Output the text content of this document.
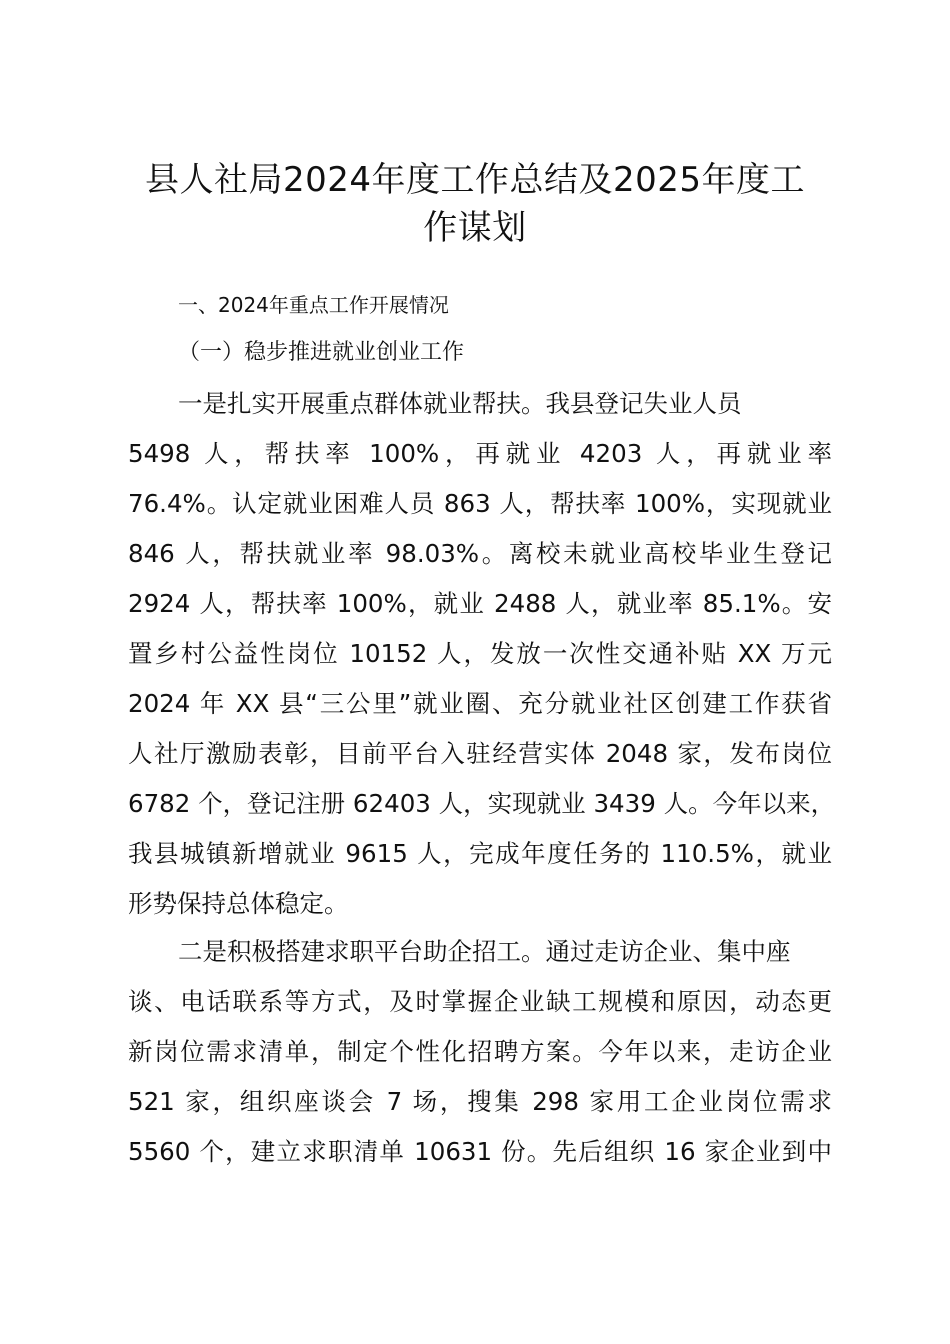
县人社局2024年度工作总结及2025年度工
作谋划

一、2024年重点工作开展情况

（一）稳步推进就业创业工作

一是扎实开展重点群体就业帮扶。我县登记失业人员

5498 人，帮扶率 100%，再就业 4203 人，再就业率

76.4%。认定就业困难人员 863 人，帮扶率 100%，实现就业

846 人，帮扶就业率 98.03%。离校未就业高校毕业生登记

2924 人，帮扶率 100%，就业 2488 人，就业率 85.1%。安

置乡村公益性岗位 10152 人，发放一次性交通补贴 XX 万元

2024 年 XX 县“三公里”就业圈、充分就业社区创建工作获省

人社厅激励表彰，目前平台入驻经营实体 2048 家，发布岗位

6782 个，登记注册 62403 人，实现就业 3439 人。今年以来，

我县城镇新增就业 9615 人，完成年度任务的 110.5%，就业

形势保持总体稳定。

二是积极搭建求职平台助企招工。通过走访企业、集中座

谈、电话联系等方式，及时掌握企业缺工规模和原因，动态更

新岗位需求清单，制定个性化招聘方案。今年以来，走访企业

521 家，组织座谈会 7 场，搜集 298 家用工企业岗位需求

5560 个，建立求职清单 10631 份。先后组织 16 家企业到中
